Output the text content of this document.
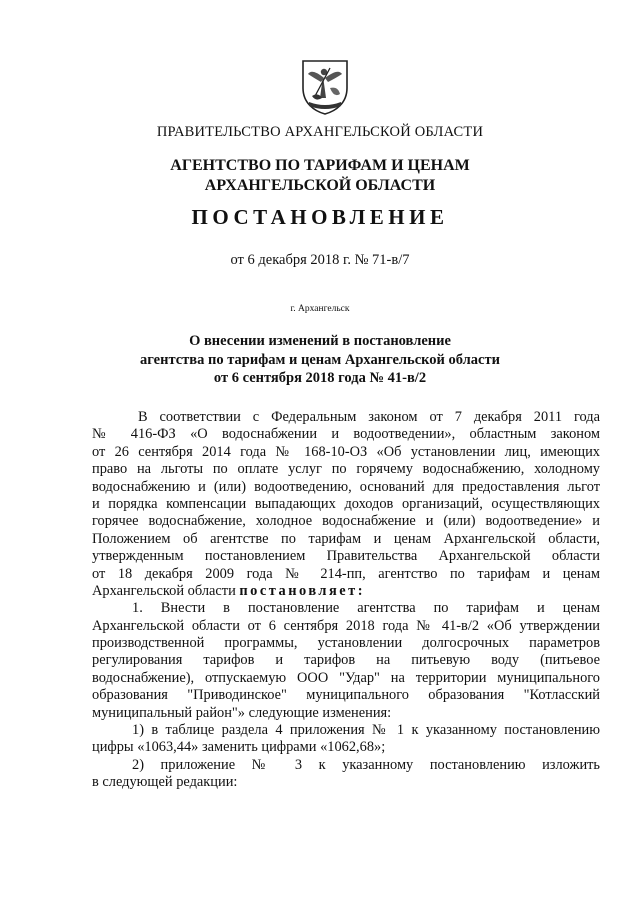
ПРАВИТЕЛЬСТВО АРХАНГЕЛЬСКОЙ ОБЛАСТИ
АГЕНТСТВО ПО ТАРИФАМ И ЦЕНАМ
АРХАНГЕЛЬСКОЙ ОБЛАСТИ
ПОСТАНОВЛЕНИЕ
от 6 декабря 2018 г. № 71-в/7
г. Архангельск
О внесении изменений в постановление
агентства по тарифам и ценам Архангельской области
от 6 сентября 2018 года № 41-в/2
В соответствии с Федеральным законом от 7 декабря 2011 года
№ 416-ФЗ «О водоснабжении и водоотведении», областным законом
от 26 сентября 2014 года № 168-10-ОЗ «Об установлении лиц, имеющих
право на льготы по оплате услуг по горячему водоснабжению, холодному
водоснабжению и (или) водоотведению, оснований для предоставления льгот
и порядка компенсации выпадающих доходов организаций, осуществляющих
горячее водоснабжение, холодное водоснабжение и (или) водоотведение» и
Положением об агентстве по тарифам и ценам Архангельской области,
утвержденным постановлением Правительства Архангельской области
от 18 декабря 2009 года № 214-пп, агентство по тарифам и ценам
Архангельской области постановляет:
1. Внести в постановление агентства по тарифам и ценам
Архангельской области от 6 сентября 2018 года № 41-в/2 «Об утверждении
производственной программы, установлении долгосрочных параметров
регулирования тарифов и тарифов на питьевую воду (питьевое
водоснабжение), отпускаемую ООО "Удар" на территории муниципального
образования "Приводинское" муниципального образования "Котласский
муниципальный район"» следующие изменения:
1) в таблице раздела 4 приложения № 1 к указанному постановлению
цифры «1063,44» заменить цифрами «1062,68»;
2) приложение № 3 к указанному постановлению изложить
в следующей редакции:
